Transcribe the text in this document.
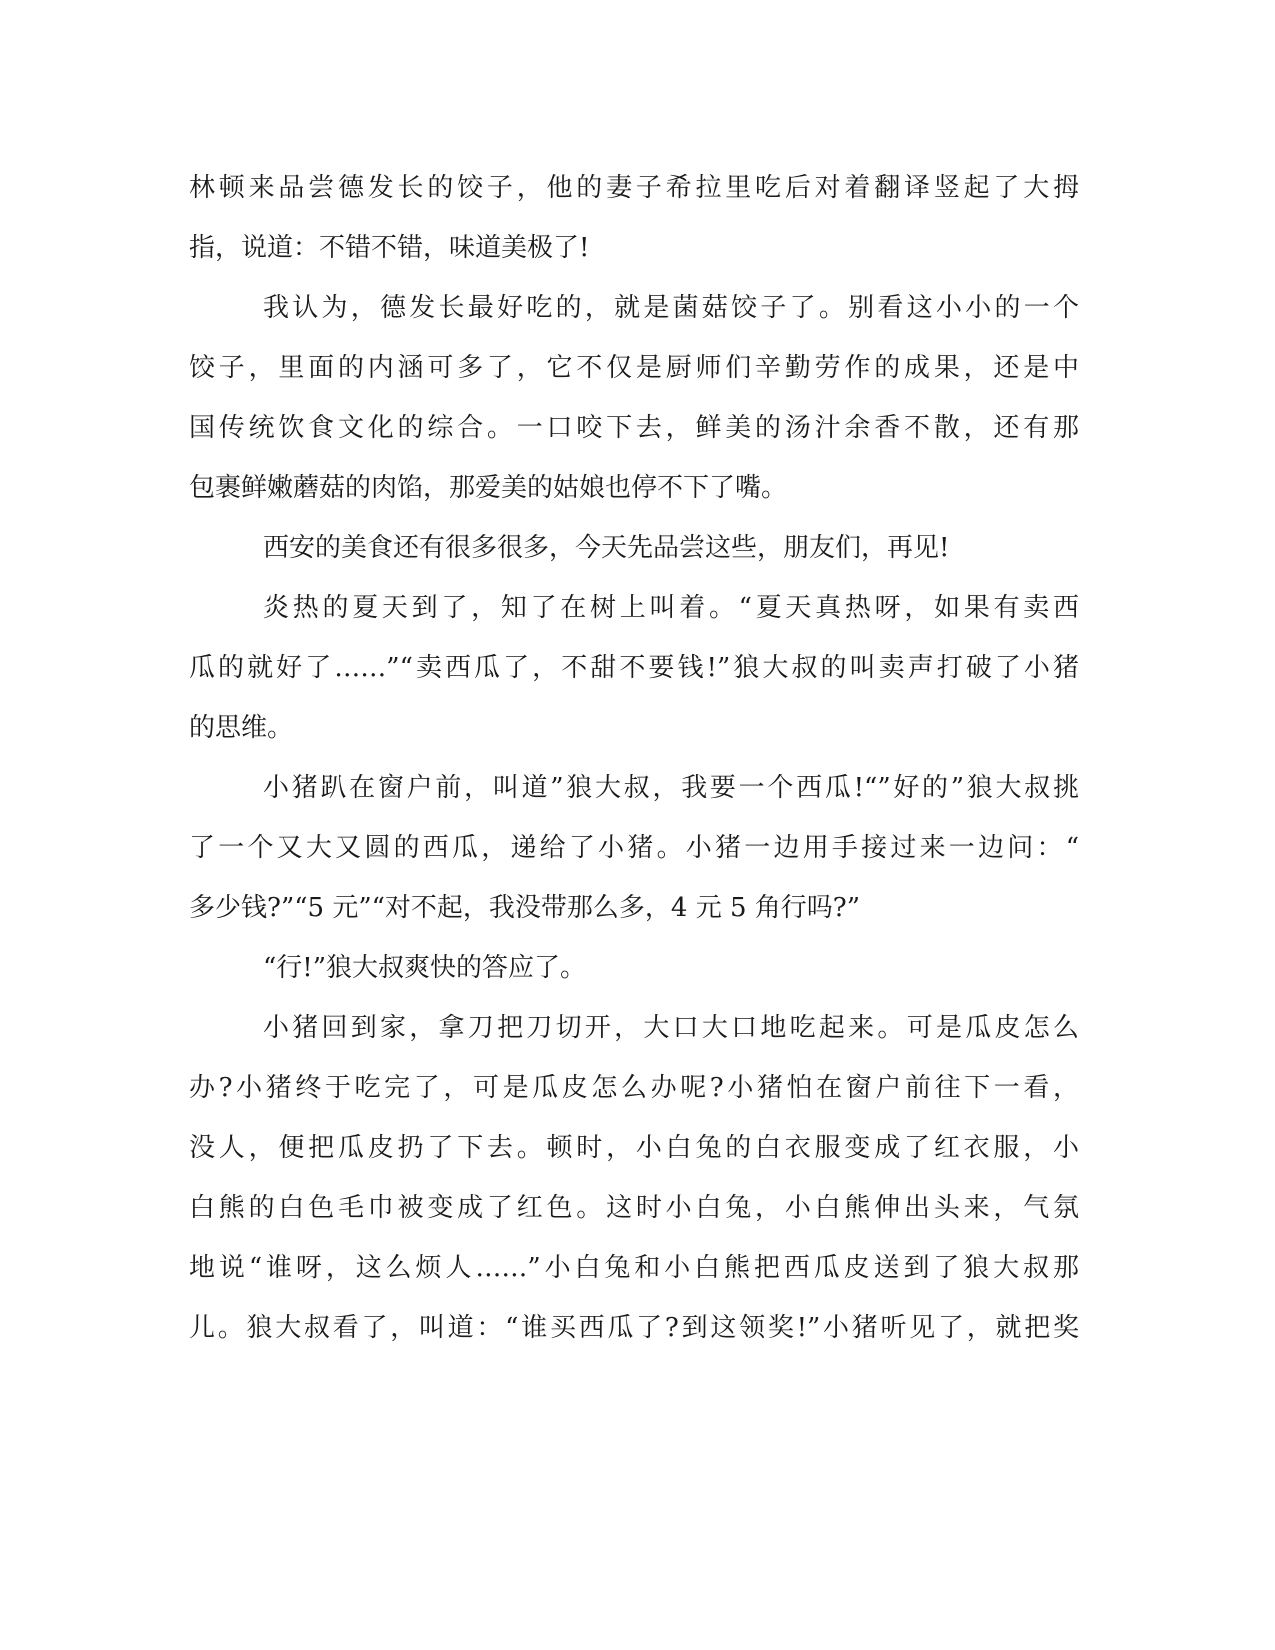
林顿来品尝德发长的饺子，他的妻子希拉里吃后对着翻译竖起了大拇
指，说道：不错不错，味道美极了!
我认为，德发长最好吃的，就是菌菇饺子了。别看这小小的一个
饺子，里面的内涵可多了，它不仅是厨师们辛勤劳作的成果，还是中
国传统饮食文化的综合。一口咬下去，鲜美的汤汁余香不散，还有那
包裹鲜嫩蘑菇的肉馅，那爱美的姑娘也停不下了嘴。
西安的美食还有很多很多，今天先品尝这些，朋友们，再见!
炎热的夏天到了，知了在树上叫着。“夏天真热呀，如果有卖西
瓜的就好了……”“卖西瓜了，不甜不要钱!”狼大叔的叫卖声打破了小猪
的思维。
小猪趴在窗户前，叫道”狼大叔，我要一个西瓜!“”好的”狼大叔挑
了一个又大又圆的西瓜，递给了小猪。小猪一边用手接过来一边问：“
多少钱?”“5 元”“对不起，我没带那么多，4 元 5 角行吗?”
“行!”狼大叔爽快的答应了。
小猪回到家，拿刀把刀切开，大口大口地吃起来。可是瓜皮怎么
办?小猪终于吃完了，可是瓜皮怎么办呢?小猪怕在窗户前往下一看，
没人，便把瓜皮扔了下去。顿时，小白兔的白衣服变成了红衣服，小
白熊的白色毛巾被变成了红色。这时小白兔，小白熊伸出头来，气氛
地说“谁呀，这么烦人……”小白兔和小白熊把西瓜皮送到了狼大叔那
儿。狼大叔看了，叫道：“谁买西瓜了?到这领奖!”小猪听见了，就把奖
